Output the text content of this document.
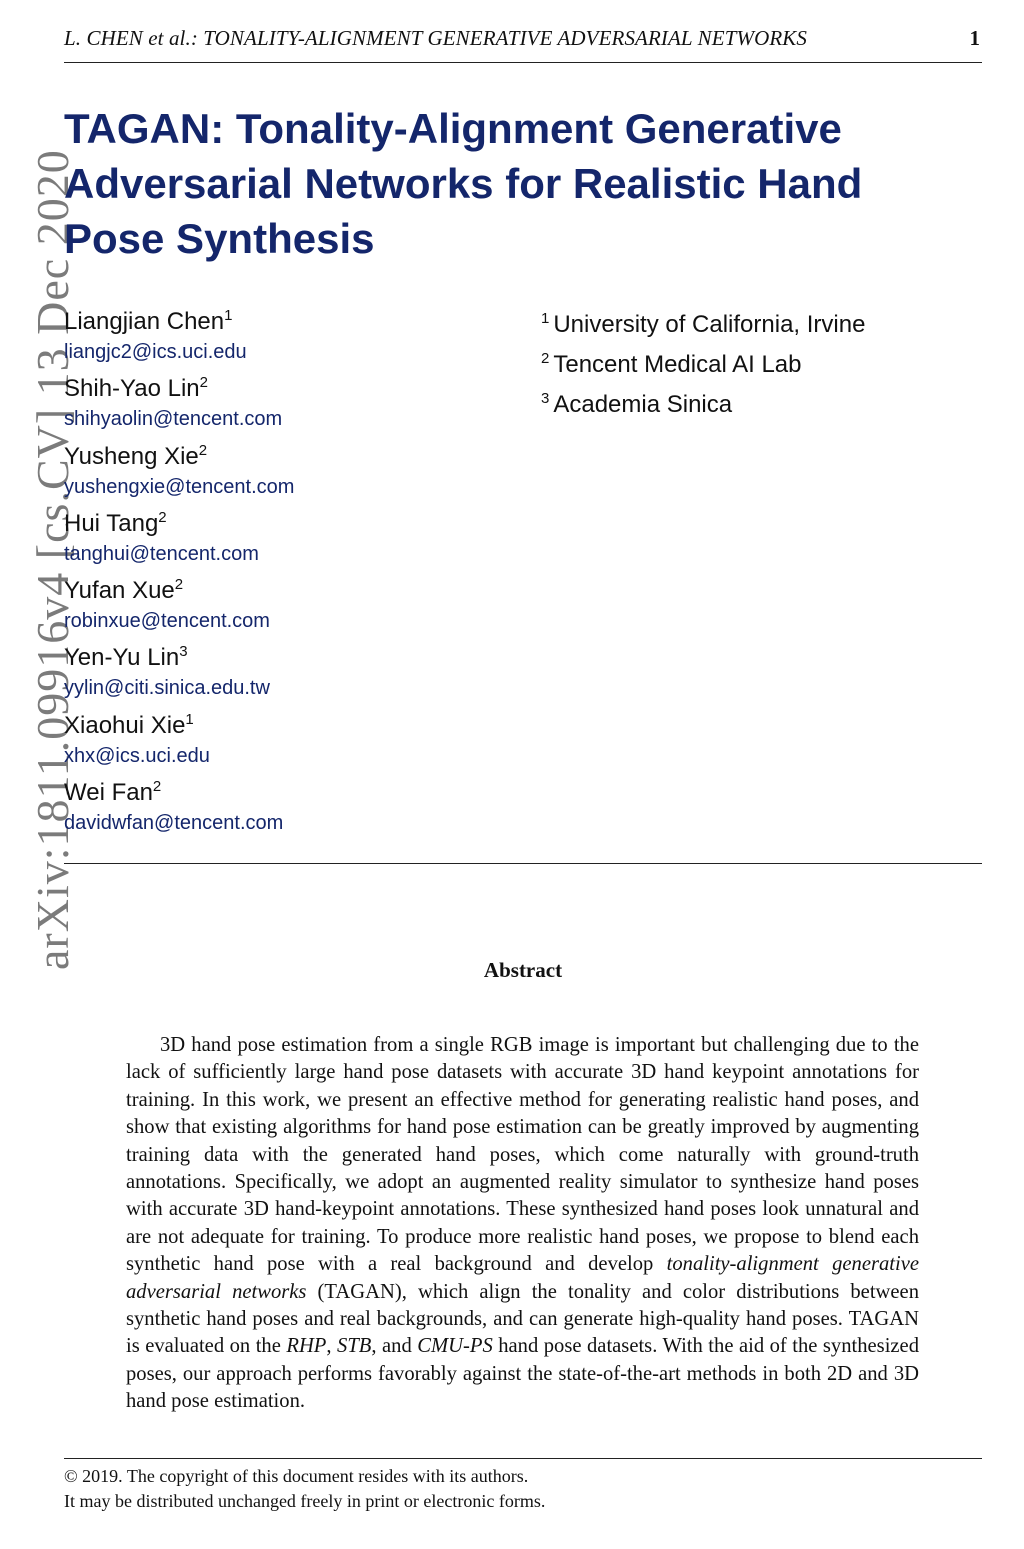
L. CHEN et al.: TONALITY-ALIGNMENT GENERATIVE ADVERSARIAL NETWORKS	1
arXiv:1811.09916v4 [cs.CV] 13 Dec 2020
TAGAN: Tonality-Alignment Generative Adversarial Networks for Realistic Hand Pose Synthesis
Liangjian Chen$^1$
liangjc2@ics.uci.edu
Shih-Yao Lin$^2$
shihyaolin@tencent.com
Yusheng Xie$^2$
yushengxie@tencent.com
Hui Tang$^2$
tanghui@tencent.com
Yufan Xue$^2$
robinxue@tencent.com
Yen-Yu Lin$^3$
yylin@citi.sinica.edu.tw
Xiaohui Xie$^1$
xhx@ics.uci.edu
Wei Fan$^2$
davidwfan@tencent.com
$^1$ University of California, Irvine
$^2$ Tencent Medical AI Lab
$^3$ Academia Sinica
Abstract

3D hand pose estimation from a single RGB image is important but challenging due to the lack of sufficiently large hand pose datasets with accurate 3D hand keypoint annotations for training. In this work, we present an effective method for generating realistic hand poses, and show that existing algorithms for hand pose estimation can be greatly improved by augmenting training data with the generated hand poses, which come naturally with ground-truth annotations. Specifically, we adopt an augmented reality simulator to synthesize hand poses with accurate 3D hand-keypoint annotations. These synthesized hand poses look unnatural and are not adequate for training. To produce more realistic hand poses, we propose to blend each synthetic hand pose with a real background and develop tonality-alignment generative adversarial networks (TAGAN), which align the tonality and color distributions between synthetic hand poses and real backgrounds, and can generate high-quality hand poses. TAGAN is evaluated on the RHP, STB, and CMU-PS hand pose datasets. With the aid of the synthesized poses, our approach performs favorably against the state-of-the-art methods in both 2D and 3D hand pose estimation.

© 2019. The copyright of this document resides with its authors.
It may be distributed unchanged freely in print or electronic forms.
